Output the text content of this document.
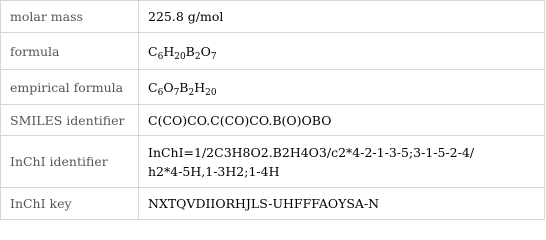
molar mass	225.8 g/mol
formula	$C_6H_{20}B_2O_7$
empirical formula	$C_6O_7B_2H_{20}$
SMILES identifier	C(CO)CO.C(CO)CO.B(O)OBO
InChI identifier	InChI=1/2C3H8O2.B2H4O3/c2*4-2-1-3-5;3-1-5-2-4/
h2*4-5H,1-3H2;1-4H

InChI key	NXTQVDIIORHJLS-UHFFFAOYSA-N
